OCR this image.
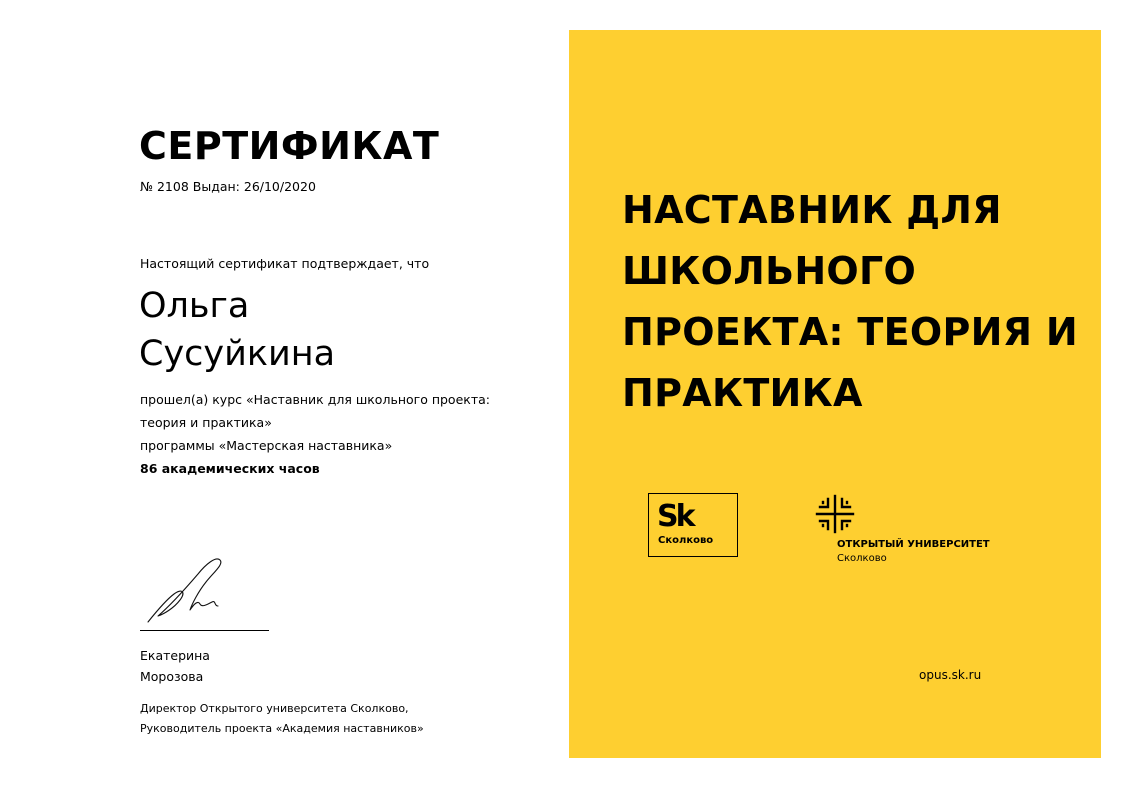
СЕРТИФИКАТ
№ 2108 Выдан: 26/10/2020
Настоящий сертификат подтверждает, что
Ольга
Сусуйкина
прошел(а) курс «Наставник для школьного проекта:
теория и практика»
программы «Мастерская наставника»
86 академических часов
Екатерина
Морозова
Директор Открытого университета Сколково,
Руководитель проекта «Академия наставников»
НАСТАВНИК ДЛЯ
ШКОЛЬНОГО
ПРОЕКТА: ТЕОРИЯ И
ПРАКТИКА
Sk
Сколково	ОТКРЫТЫЙ УНИВЕРСИТЕТ
Сколково
opus.sk.ru
